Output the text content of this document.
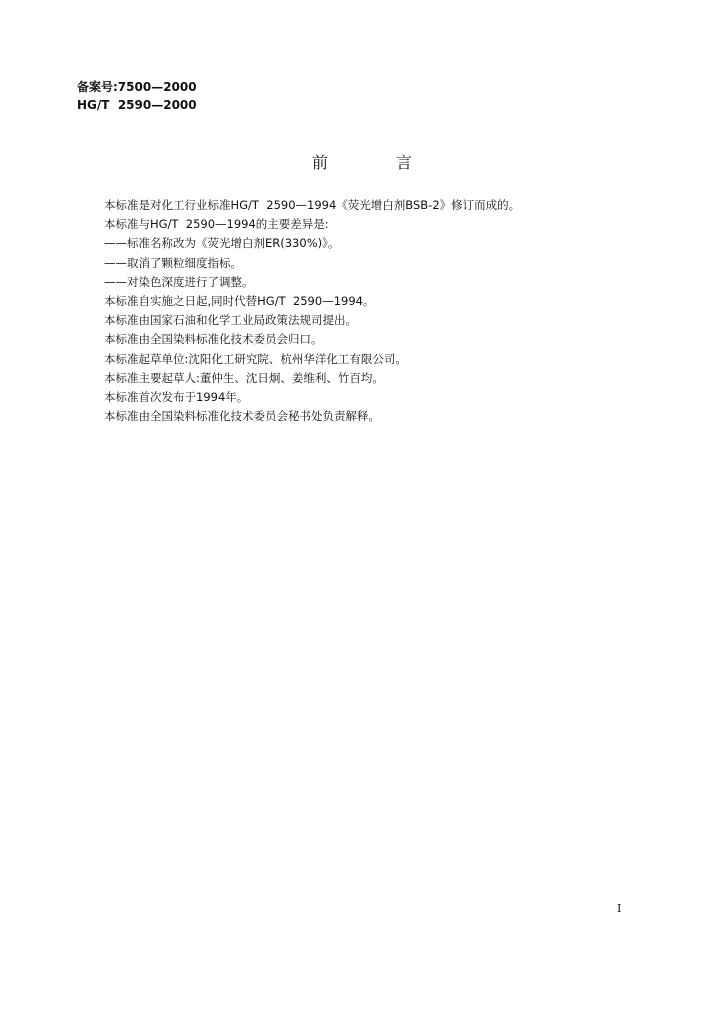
备案号:7500—2000
HG/T  2590—2000
前言
本标准是对化工行业标准HG/T  2590—1994《荧光增白剂BSB-2》修订而成的。
本标准与HG/T  2590—1994的主要差异是:
——标准名称改为《荧光增白剂ER(330%)》。
——取消了颗粒细度指标。
——对染色深度进行了调整。
本标准自实施之日起,同时代替HG/T  2590—1994。
本标准由国家石油和化学工业局政策法规司提出。
本标准由全国染料标准化技术委员会归口。
本标准起草单位:沈阳化工研究院、杭州华洋化工有限公司。
本标准主要起草人:董仲生、沈日炯、姜维利、竹百均。
本标准首次发布于1994年。
本标准由全国染料标准化技术委员会秘书处负责解释。
I
